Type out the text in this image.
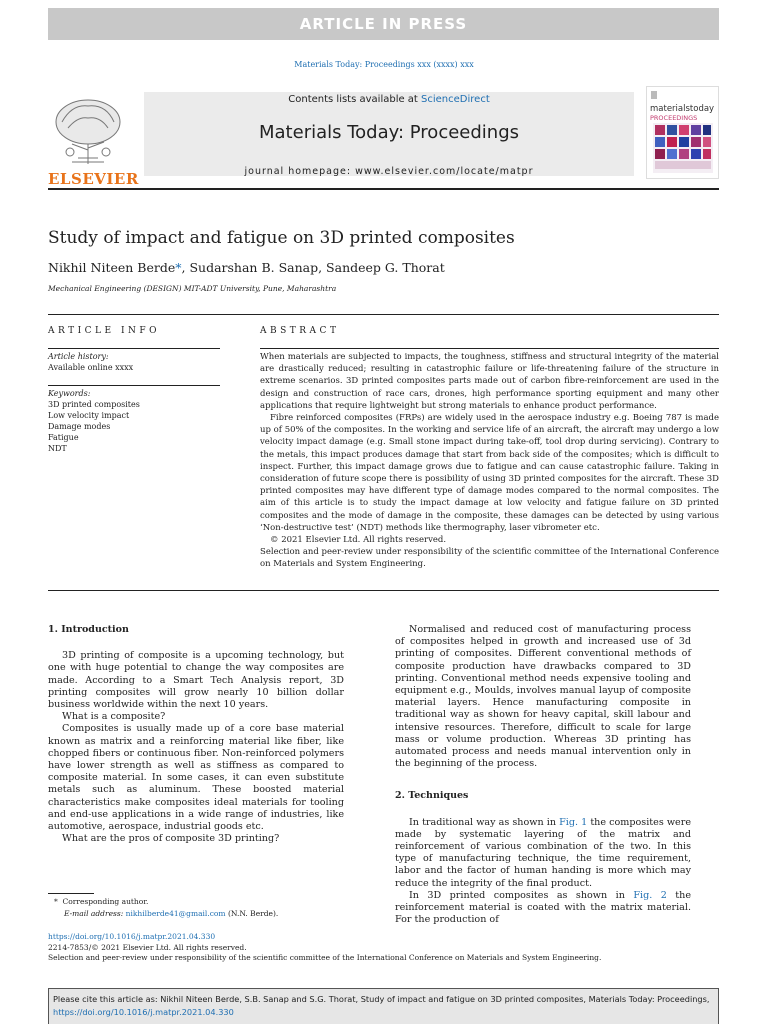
ARTICLE IN PRESS
Materials Today: Proceedings xxx (xxxx) xxx
ELSEVIER
Contents lists available at ScienceDirect
Materials Today: Proceedings
journal homepage: www.elsevier.com/locate/matpr
materialstoday
PROCEEDINGS
Study of impact and fatigue on 3D printed composites
Nikhil Niteen Berde*, Sudarshan B. Sanap, Sandeep G. Thorat
Mechanical Engineering (DESIGN) MIT-ADT University, Pune, Maharashtra
ARTICLE INFO
Article history:
Available online xxxx
Keywords:
3D printed composites
Low velocity impact
Damage modes
Fatigue
NDT
ABSTRACT

When materials are subjected to impacts, the toughness, stiffness and structural integrity of the material are drastically reduced; resulting in catastrophic failure or life-threatening failure of the structure in extreme scenarios. 3D printed composites parts made out of carbon fibre-reinforcement are used in the design and construction of race cars, drones, high performance sporting equipment and many other applications that require lightweight but strong materials to enhance product performance.

Fibre reinforced composites (FRPs) are widely used in the aerospace industry e.g. Boeing 787 is made up of 50% of the composites. In the working and service life of an aircraft, the aircraft may undergo a low velocity impact damage (e.g. Small stone impact during take-off, tool drop during servicing). Contrary to the metals, this impact produces damage that start from back side of the composites; which is difficult to inspect. Further, this impact damage grows due to fatigue and can cause catastrophic failure. Taking in consideration of future scope there is possibility of using 3D printed composites for the aircraft. These 3D printed composites may have different type of damage modes compared to the normal composites. The aim of this article is to study the impact damage at low velocity and fatigue failure on 3D printed composites and the mode of damage in the composite, these damages can be detected by using various ‘Non-destructive test’ (NDT) methods like thermography, laser vibrometer etc.

© 2021 Elsevier Ltd. All rights reserved.

Selection and peer-review under responsibility of the scientific committee of the International Conference on Materials and System Engineering.

1. Introduction

3D printing of composite is a upcoming technology, but one with huge potential to change the way composites are made. According to a Smart Tech Analysis report, 3D printing composites will grow nearly 10 billion dollar business worldwide within the next 10 years.

What is a composite?

Composites is usually made up of a core base material known as matrix and a reinforcing material like fiber, like chopped fibers or continuous fiber. Non-reinforced polymers have lower strength as well as stiffness as compared to composite material. In some cases, it can even substitute metals such as aluminum. These boosted material characteristics make composites ideal materials for tooling and end-use applications in a wide range of industries, like automotive, aerospace, industrial goods etc.

What are the pros of composite 3D printing?

Normalised and reduced cost of manufacturing process of composites helped in growth and increased use of 3d printing of composites. Different conventional methods of composite production have drawbacks compared to 3D printing. Conventional method needs expensive tooling and equipment e.g., Moulds, involves manual layup of composite material layers. Hence manufacturing composite in traditional way as shown for heavy capital, skill labour and intensive resources. Therefore, difficult to scale for large mass or volume production. Whereas 3D printing has automated process and needs manual intervention only in the beginning of the process.

2. Techniques

In traditional way as shown in Fig. 1 the composites were made by systematic layering of the matrix and reinforcement of various combination of the two. In this type of manufacturing technique, the time requirement, labor and the factor of human handing is more which may reduce the integrity of the final product.

In 3D printed composites as shown in Fig. 2 the reinforcement material is coated with the matrix material. For the production of

* Corresponding author.
E-mail address: nikhilberde41@gmail.com (N.N. Berde).
https://doi.org/10.1016/j.matpr.2021.04.330
2214-7853/© 2021 Elsevier Ltd. All rights reserved.
Selection and peer-review under responsibility of the scientific committee of the International Conference on Materials and System Engineering.
Please cite this article as: Nikhil Niteen Berde, S.B. Sanap and S.G. Thorat, Study of impact and fatigue on 3D printed composites, Materials Today: Proceedings, https://doi.org/10.1016/j.matpr.2021.04.330
